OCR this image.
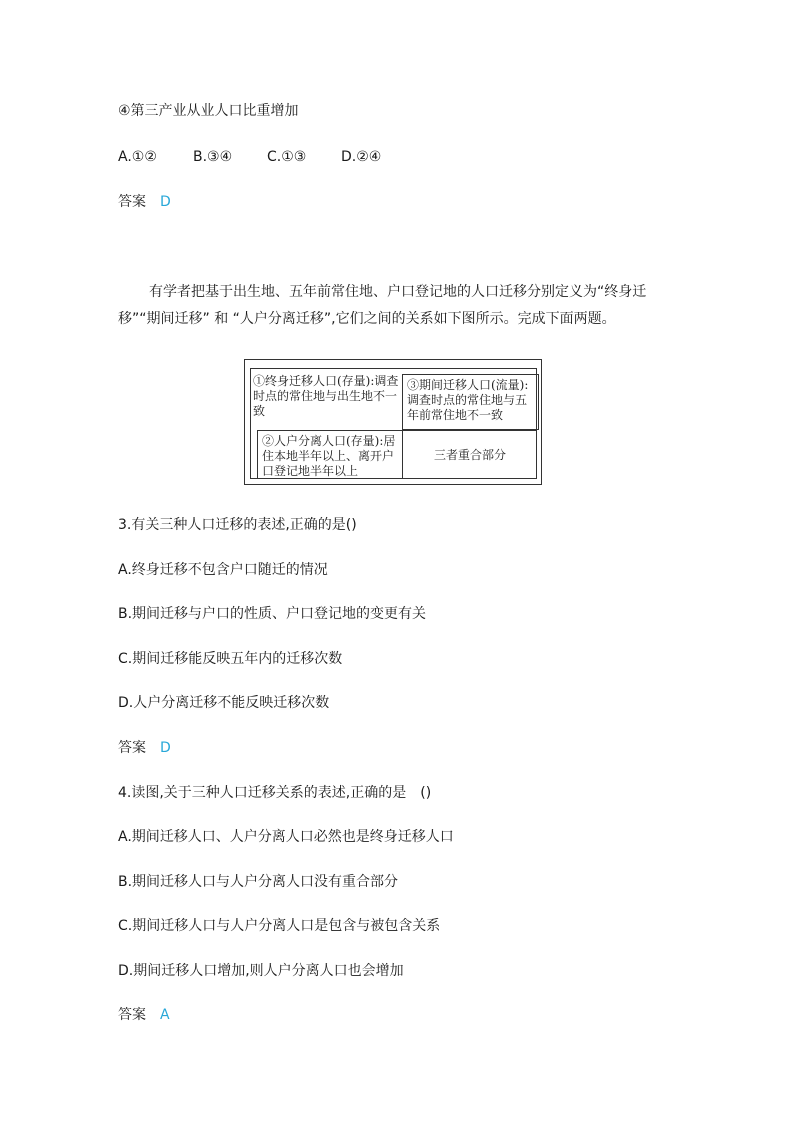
④第三产业从业人口比重增加
A.①②	B.③④ C.①③ D.②④
答案 D
有学者把基于出生地、五年前常住地、户口登记地的人口迁移分别定义为“终身迁移”“期间迁移” 和 “人户分离迁移”,它们之间的关系如下图所示。完成下面两题。
①终身迁移人口(存量):调查时点的常住地与出生地不一致
③期间迁移人口(流量):调查时点的常住地与五年前常住地不一致
②人户分离人口(存量):居住本地半年以上、离开户口登记地半年以上
三者重合部分
3.有关三种人口迁移的表述,正确的是()
A.终身迁移不包含户口随迁的情况
B.期间迁移与户口的性质、户口登记地的变更有关
C.期间迁移能反映五年内的迁移次数
D.人户分离迁移不能反映迁移次数
答案 D
4.读图,关于三种人口迁移关系的表述,正确的是　()
A.期间迁移人口、人户分离人口必然也是终身迁移人口
B.期间迁移人口与人户分离人口没有重合部分
C.期间迁移人口与人户分离人口是包含与被包含关系
D.期间迁移人口增加,则人户分离人口也会增加
答案 A
